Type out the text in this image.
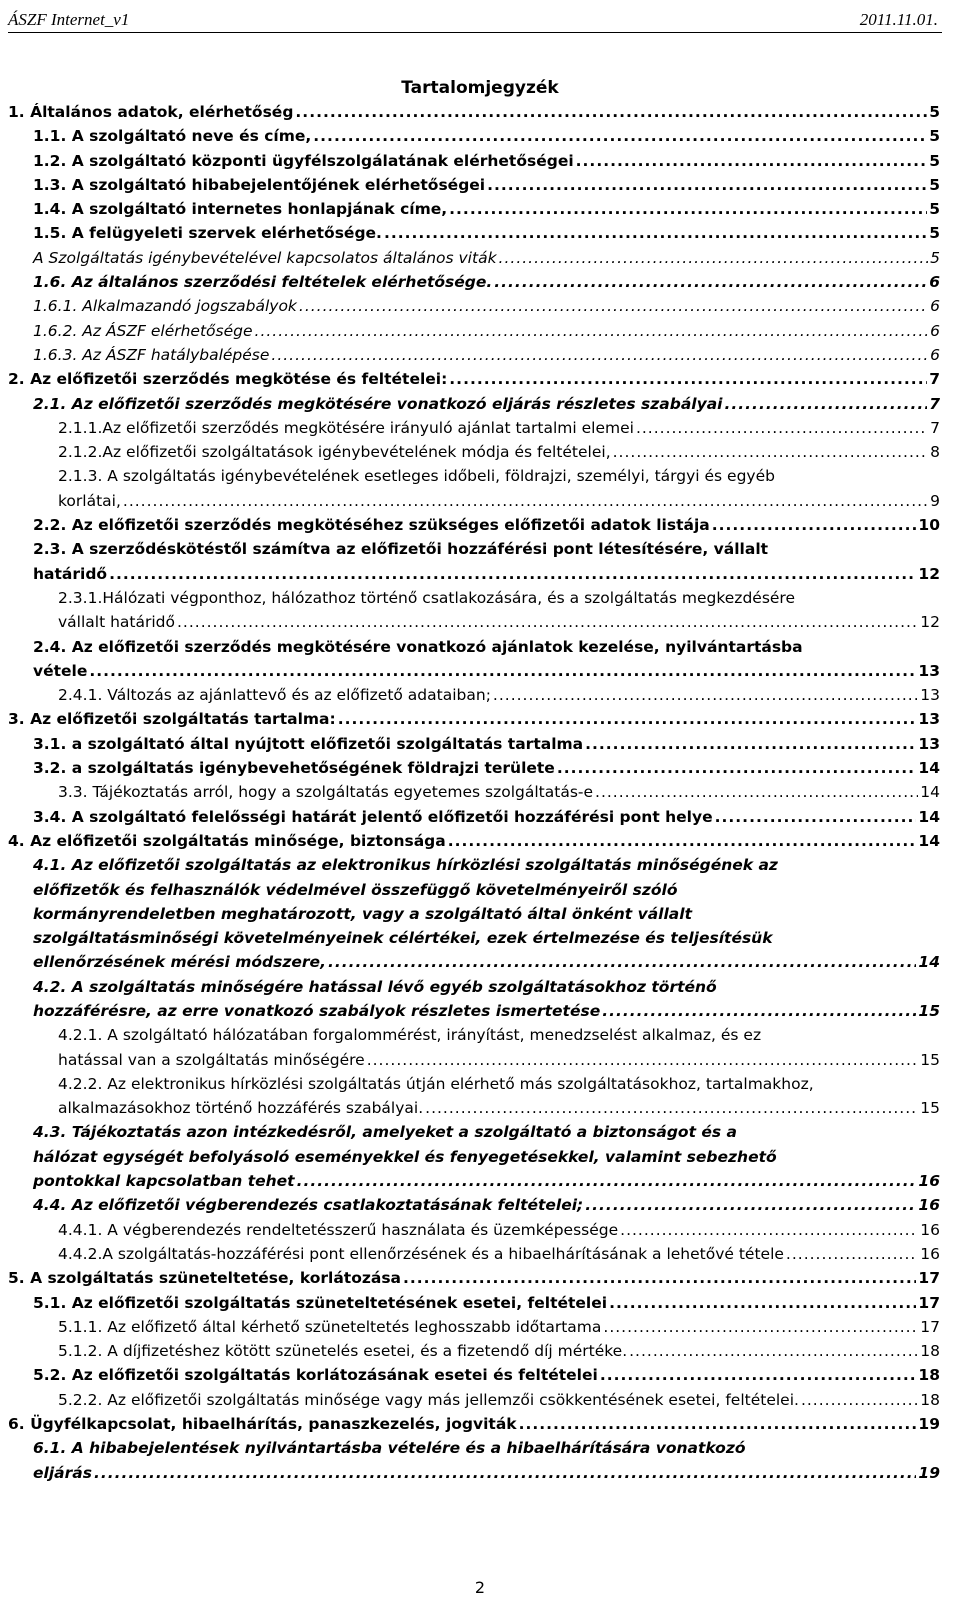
ÁSZF Internet_v1	2011.11.01.
Tartalomjegyzék
1. Általános adatok, elérhetőség .....	5
1.1. A szolgáltató neve és címe, .....	5
1.2. A szolgáltató központi ügyfélszolgálatának elérhetőségei .....	5
1.3. A szolgáltató hibabejelentőjének elérhetőségei .....	5
1.4. A szolgáltató internetes honlapjának címe, .....	5
1.5. A felügyeleti szervek elérhetősége. .....	5
A Szolgáltatás igénybevételével kapcsolatos általános viták .....	5
1.6. Az általános szerződési feltételek elérhetősége. .....	6
1.6.1. Alkalmazandó jogszabályok .....	6
1.6.2. Az ÁSZF elérhetősége .....	6
1.6.3. Az ÁSZF hatálybalépése .....	6
2. Az előfizetői szerződés megkötése és feltételei: .....	7
2.1. Az előfizetői szerződés megkötésére vonatkozó eljárás részletes szabályai .....	7
2.1.1.Az előfizetői szerződés megkötésére irányuló ajánlat tartalmi elemei .....	7
2.1.2.Az előfizetői szolgáltatások igénybevételének módja és feltételei, .....	8
2.1.3. A szolgáltatás igénybevételének esetleges időbeli, földrajzi, személyi, tárgyi és egyéb
korlátai, .....	9
2.2. Az előfizetői szerződés megkötéséhez szükséges előfizetői adatok listája .....	10
2.3. A szerződéskötéstől számítva az előfizetői hozzáférési pont létesítésére, vállalt
határidő .....	12
2.3.1.Hálózati végponthoz, hálózathoz történő csatlakozására, és a szolgáltatás megkezdésére
vállalt határidő .....	12
2.4. Az előfizetői szerződés megkötésére vonatkozó ajánlatok kezelése, nyilvántartásba
vétele .....	13
2.4.1. Változás az ajánlattevő és az előfizető adataiban; .....	13
3. Az előfizetői szolgáltatás tartalma: .....	13
3.1. a szolgáltató által nyújtott előfizetői szolgáltatás tartalma .....	13
3.2. a szolgáltatás igénybevehetőségének földrajzi területe .....	14
3.3. Tájékoztatás arról, hogy a szolgáltatás egyetemes szolgáltatás-e .....	14
3.4. A szolgáltató felelősségi határát jelentő előfizetői hozzáférési pont helye .....	14
4. Az előfizetői szolgáltatás minősége, biztonsága .....	14
4.1. Az előfizetői szolgáltatás az elektronikus hírközlési szolgáltatás minőségének az
előfizetők és felhasználók védelmével összefüggő követelményeiről szóló
kormányrendeletben meghatározott, vagy a szolgáltató által önként vállalt
szolgáltatásminőségi követelményeinek célértékei, ezek értelmezése és teljesítésük
ellenőrzésének mérési módszere, .....	14
4.2. A szolgáltatás minőségére hatással lévő egyéb szolgáltatásokhoz történő
hozzáférésre, az erre vonatkozó szabályok részletes ismertetése .....	15
4.2.1. A szolgáltató hálózatában forgalommérést, irányítást, menedzselést alkalmaz, és ez
hatással van a szolgáltatás minőségére .....	15
4.2.2. Az elektronikus hírközlési szolgáltatás útján elérhető más szolgáltatásokhoz, tartalmakhoz,
alkalmazásokhoz történő hozzáférés szabályai. .....	15
4.3. Tájékoztatás azon intézkedésről, amelyeket a szolgáltató a biztonságot és a
hálózat egységét befolyásoló eseményekkel és fenyegetésekkel, valamint sebezhető
pontokkal kapcsolatban tehet .....	16
4.4. Az előfizetői végberendezés csatlakoztatásának feltételei; .....	16
4.4.1. A végberendezés rendeltetésszerű használata és üzemképessége .....	16
4.4.2.A szolgáltatás-hozzáférési pont ellenőrzésének és a hibaelhárításának a lehetővé tétele .....	16
5. A szolgáltatás szüneteltetése, korlátozása .....	17
5.1. Az előfizetői szolgáltatás szüneteltetésének esetei, feltételei .....	17
5.1.1. Az előfizető által kérhető szüneteltetés leghosszabb időtartama .....	17
5.1.2. A díjfizetéshez kötött szünetelés esetei, és a fizetendő díj mértéke. .....	18
5.2. Az előfizetői szolgáltatás korlátozásának esetei és feltételei .....	18
5.2.2. Az előfizetői szolgáltatás minősége vagy más jellemzői csökkentésének esetei, feltételei. .....	18
6. Ügyfélkapcsolat, hibaelhárítás, panaszkezelés, jogviták .....	19
6.1. A hibabejelentések nyilvántartásba vételére és a hibaelhárítására vonatkozó
eljárás .....	19
2
